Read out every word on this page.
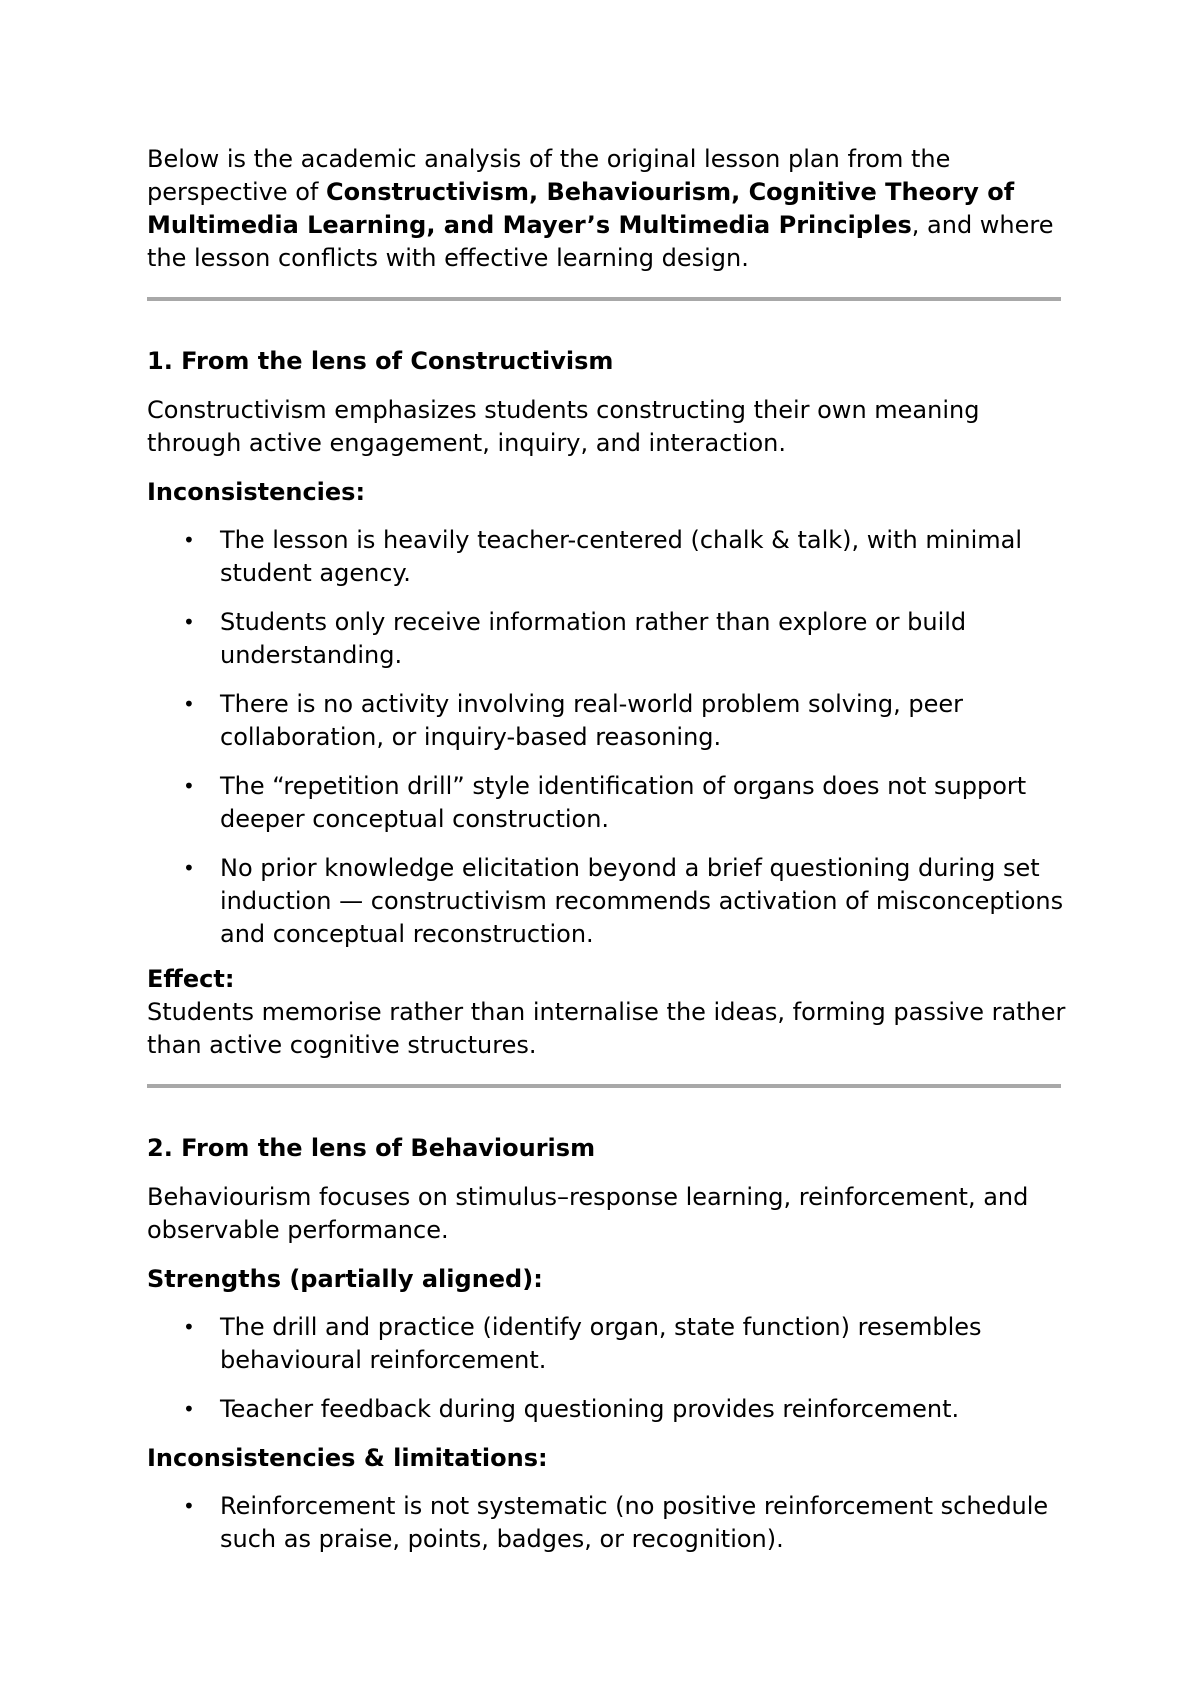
Below is the academic analysis of the original lesson plan from the perspective of Constructivism, Behaviourism, Cognitive Theory of Multimedia Learning, and Mayer’s Multimedia Principles, and where the lesson conflicts with effective learning design.

1. From the lens of Constructivism

Constructivism emphasizes students constructing their own meaning through active engagement, inquiry, and interaction.

Inconsistencies:

• The lesson is heavily teacher-centered (chalk & talk), with minimal student agency.
• Students only receive information rather than explore or build understanding.
• There is no activity involving real-world problem solving, peer collaboration, or inquiry-based reasoning.
• The “repetition drill” style identification of organs does not support deeper conceptual construction.
• No prior knowledge elicitation beyond a brief questioning during set induction — constructivism recommends activation of misconceptions and conceptual reconstruction.

Effect:

Students memorise rather than internalise the ideas, forming passive rather than active cognitive structures.

2. From the lens of Behaviourism

Behaviourism focuses on stimulus–response learning, reinforcement, and observable performance.

Strengths (partially aligned):

• The drill and practice (identify organ, state function) resembles behavioural reinforcement.
• Teacher feedback during questioning provides reinforcement.

Inconsistencies & limitations:

• Reinforcement is not systematic (no positive reinforcement schedule such as praise, points, badges, or recognition).
